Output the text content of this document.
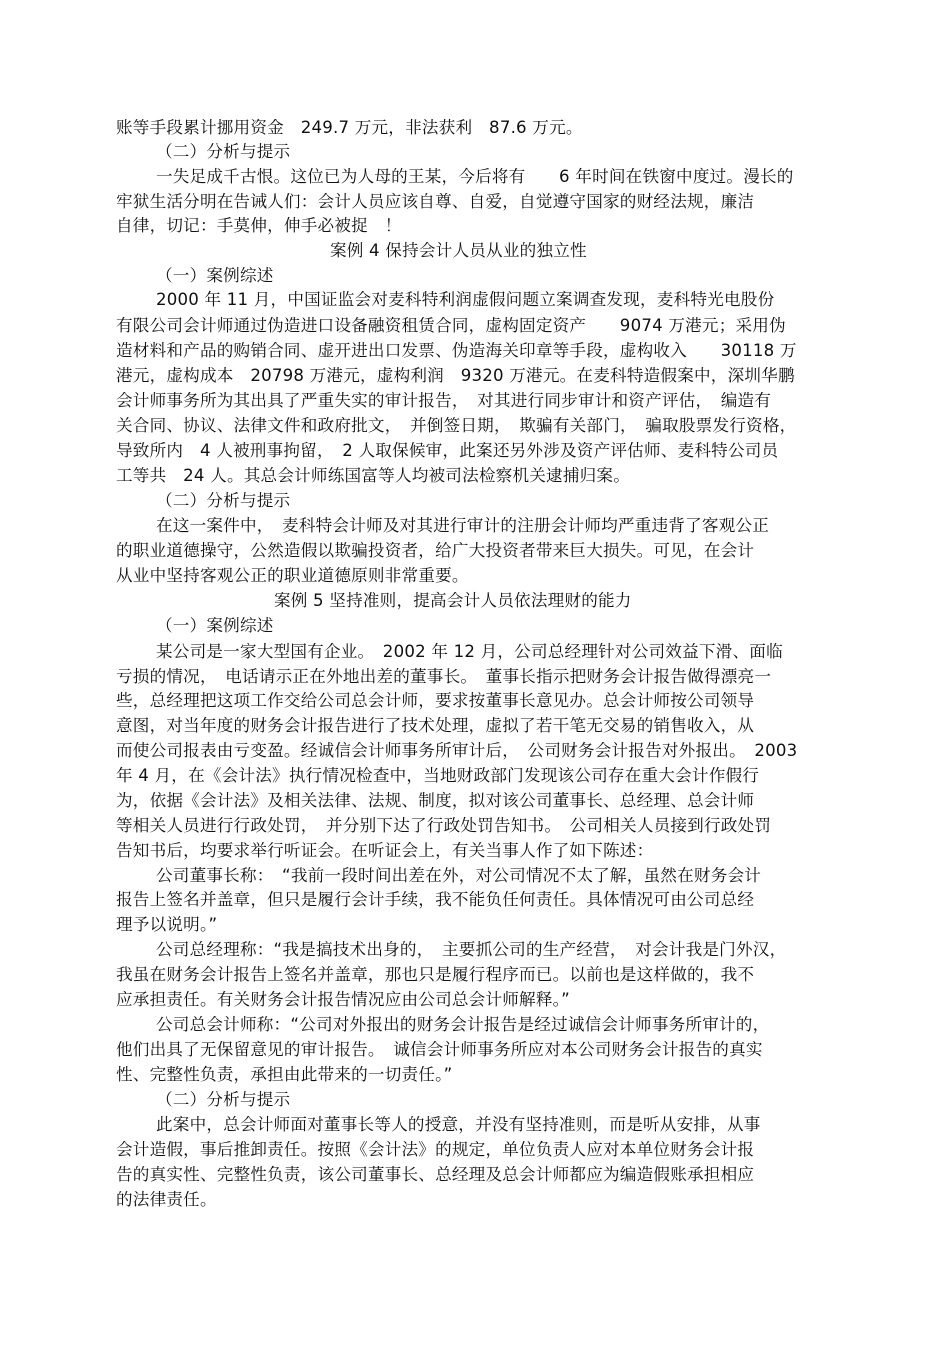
账等手段累计挪用资金　249.7 万元，非法获利　87.6 万元。

（二）分析与提示

一失足成千古恨。这位已为人母的王某，今后将有　　6 年时间在铁窗中度过。漫长的

牢狱生活分明在告诫人们：会计人员应该自尊、自爱，自觉遵守国家的财经法规，廉洁

自律，切记：手莫伸，伸手必被捉　！

案例 4 保持会计人员从业的独立性

（一）案例综述

2000 年 11 月，中国证监会对麦科特利润虚假问题立案调查发现，麦科特光电股份

有限公司会计师通过伪造进口设备融资租赁合同，虚构固定资产　　9074 万港元；采用伪

造材料和产品的购销合同、虚开进出口发票、伪造海关印章等手段，虚构收入　　30118 万

港元，虚构成本　20798 万港元，虚构利润　9320 万港元。在麦科特造假案中，深圳华鹏

会计师事务所为其出具了严重失实的审计报告，　对其进行同步审计和资产评估，　编造有

关合同、协议、法律文件和政府批文，　并倒签日期，　欺骗有关部门，　骗取股票发行资格，

导致所内　4 人被刑事拘留，　2 人取保候审，此案还另外涉及资产评估师、麦科特公司员

工等共　24 人。其总会计师练国富等人均被司法检察机关逮捕归案。

（二）分析与提示

在这一案件中，　麦科特会计师及对其进行审计的注册会计师均严重违背了客观公正

的职业道德操守，公然造假以欺骗投资者，给广大投资者带来巨大损失。可见，在会计

从业中坚持客观公正的职业道德原则非常重要。

案例 5 坚持准则，提高会计人员依法理财的能力

（一）案例综述

某公司是一家大型国有企业。　2002 年 12 月，公司总经理针对公司效益下滑、面临

亏损的情况，　电话请示正在外地出差的董事长。　董事长指示把财务会计报告做得漂亮一

些，总经理把这项工作交给公司总会计师，要求按董事长意见办。总会计师按公司领导

意图，对当年度的财务会计报告进行了技术处理，虚拟了若干笔无交易的销售收入，从

而使公司报表由亏变盈。经诚信会计师事务所审计后，　公司财务会计报告对外报出。　2003

年 4 月，在《会计法》执行情况检查中，当地财政部门发现该公司存在重大会计作假行

为，依据《会计法》及相关法律、法规、制度，拟对该公司董事长、总经理、总会计师

等相关人员进行行政处罚，　并分别下达了行政处罚告知书。　公司相关人员接到行政处罚

告知书后，均要求举行听证会。在听证会上，有关当事人作了如下陈述：

公司董事长称：　“我前一段时间出差在外，对公司情况不太了解，虽然在财务会计

报告上签名并盖章，但只是履行会计手续，我不能负任何责任。具体情况可由公司总经

理予以说明。”

公司总经理称：“我是搞技术出身的，　主要抓公司的生产经营，　对会计我是门外汉，

我虽在财务会计报告上签名并盖章，那也只是履行程序而已。以前也是这样做的，我不

应承担责任。有关财务会计报告情况应由公司总会计师解释。”

公司总会计师称：“公司对外报出的财务会计报告是经过诚信会计师事务所审计的，

他们出具了无保留意见的审计报告。　诚信会计师事务所应对本公司财务会计报告的真实

性、完整性负责，承担由此带来的一切责任。”

（二）分析与提示

此案中，总会计师面对董事长等人的授意，并没有坚持准则，而是听从安排，从事

会计造假，事后推卸责任。按照《会计法》的规定，单位负责人应对本单位财务会计报

告的真实性、完整性负责，该公司董事长、总经理及总会计师都应为编造假账承担相应

的法律责任。
